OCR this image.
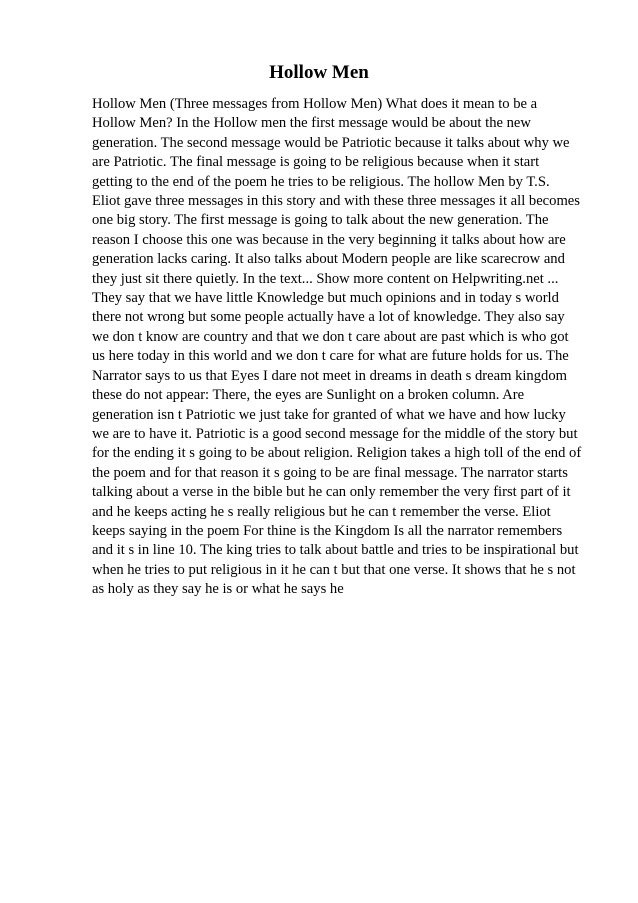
Hollow Men
Hollow Men (Three messages from Hollow Men) What does it mean to be a
Hollow Men? In the Hollow men the first message would be about the new
generation. The second message would be Patriotic because it talks about why we
are Patriotic. The final message is going to be religious because when it start
getting to the end of the poem he tries to be religious. The hollow Men by T.S.
Eliot gave three messages in this story and with these three messages it all becomes
one big story. The first message is going to talk about the new generation. The
reason I choose this one was because in the very beginning it talks about how are
generation lacks caring. It also talks about Modern people are like scarecrow and
they just sit there quietly. In the text... Show more content on Helpwriting.net ...
They say that we have little Knowledge but much opinions and in today s world
there not wrong but some people actually have a lot of knowledge. They also say
we don t know are country and that we don t care about are past which is who got
us here today in this world and we don t care for what are future holds for us. The
Narrator says to us that Eyes I dare not meet in dreams in death s dream kingdom
these do not appear: There, the eyes are Sunlight on a broken column. Are
generation isn t Patriotic we just take for granted of what we have and how lucky
we are to have it. Patriotic is a good second message for the middle of the story but
for the ending it s going to be about religion. Religion takes a high toll of the end of
the poem and for that reason it s going to be are final message. The narrator starts
talking about a verse in the bible but he can only remember the very first part of it
and he keeps acting he s really religious but he can t remember the verse. Eliot
keeps saying in the poem For thine is the Kingdom Is all the narrator remembers
and it s in line 10. The king tries to talk about battle and tries to be inspirational but
when he tries to put religious in it he can t but that one verse. It shows that he s not
as holy as they say he is or what he says he
